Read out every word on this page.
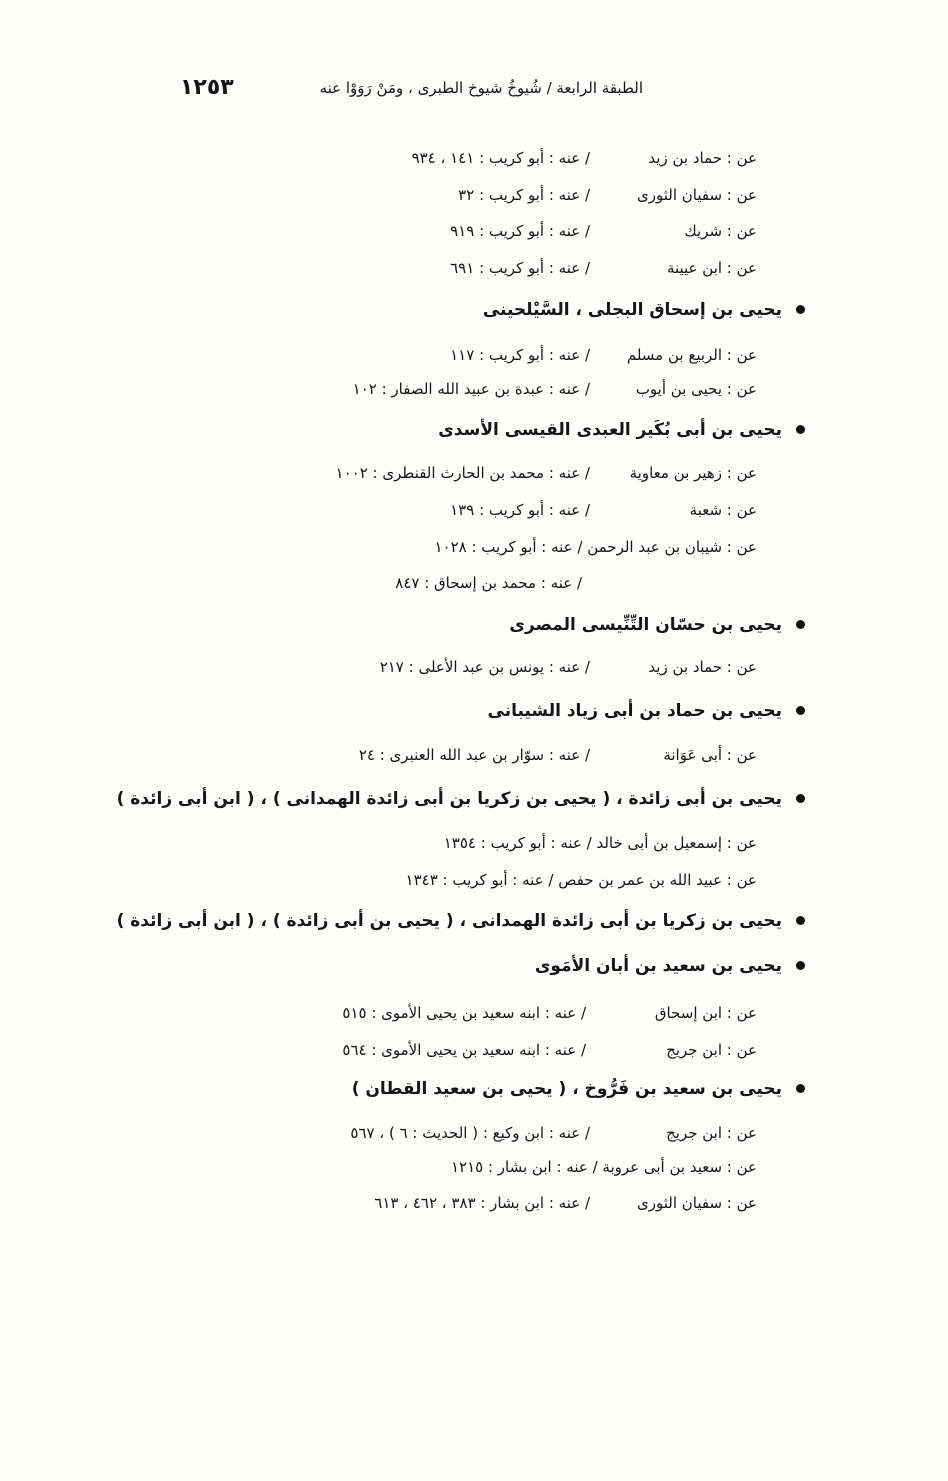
الطبقة الرابعة / شُيوخُ شيوخ الطبرى ، ومَنْ رَوَوْا عنه
١٢٥٣
عن : حماد بن زيد
/ عنه : أبو كريب : ١٤١ ، ٩٣٤
عن : سفيان الثورى
/ عنه : أبو كريب : ٣٢
عن : شريك
/ عنه : أبو كريب : ٩١٩
عن : ابن عيينة
/ عنه : أبو كريب : ٦٩١
يحيى بن إسحاق البجلى ، السَّيْلحينى
عن : الربيع بن مسلم
/ عنه : أبو كريب : ١١٧
عن : يحيى بن أيوب
/ عنه : عبدة بن عبيد الله الصفار : ١٠٢
يحيى بن أبى بُكَير العبدى القيسى الأسدى
عن : زهير بن معاوية
/ عنه : محمد بن الحارث القنطرى : ١٠٠٢
عن : شعبة
/ عنه : أبو كريب : ١٣٩
عن : شيبان بن عبد الرحمن / عنه : أبو كريب : ١٠٢٨
/ عنه : محمد بن إسحاق : ٨٤٧
يحيى بن حسّان التِّنِّيسى المصرى
عن : حماد بن زيد
/ عنه : يونس بن عبد الأعلى : ٢١٧
يحيى بن حماد بن أبى زياد الشيبانى
عن : أبى عَوَانة
/ عنه : سوّار بن عبد الله العنبرى : ٢٤
يحيى بن أبى زائدة ، ( يحيى بن زكريا بن أبى زائدة الهمدانى ) ، ( ابن أبى زائدة )
عن : إسمعيل بن أبى خالد / عنه : أبو كريب : ١٣٥٤
عن : عبيد الله بن عمر بن حفص / عنه : أبو كريب : ١٣٤٣
يحيى بن زكريا بن أبى زائدة الهمدانى ، ( يحيى بن أبى زائدة ) ، ( ابن أبى زائدة )
يحيى بن سعيد بن أبان الأمَوى
عن : ابن إسحاق
/ عنه : ابنه سعيد بن يحيى الأموى : ٥١٥
عن : ابن جريج
/ عنه : ابنه سعيد بن يحيى الأموى : ٥٦٤
يحيى بن سعيد بن فَرُّوخ ، ( يحيى بن سعيد القطان )
عن : ابن جريج
/ عنه : ابن وكيع : ( الحديث : ٦ ) ، ٥٦٧
عن : سعيد بن أبى عروبة / عنه : ابن بشار : ١٢١٥
عن : سفيان الثورى
/ عنه : ابن بشار : ٣٨٣ ، ٤٦٢ ، ٦١٣
